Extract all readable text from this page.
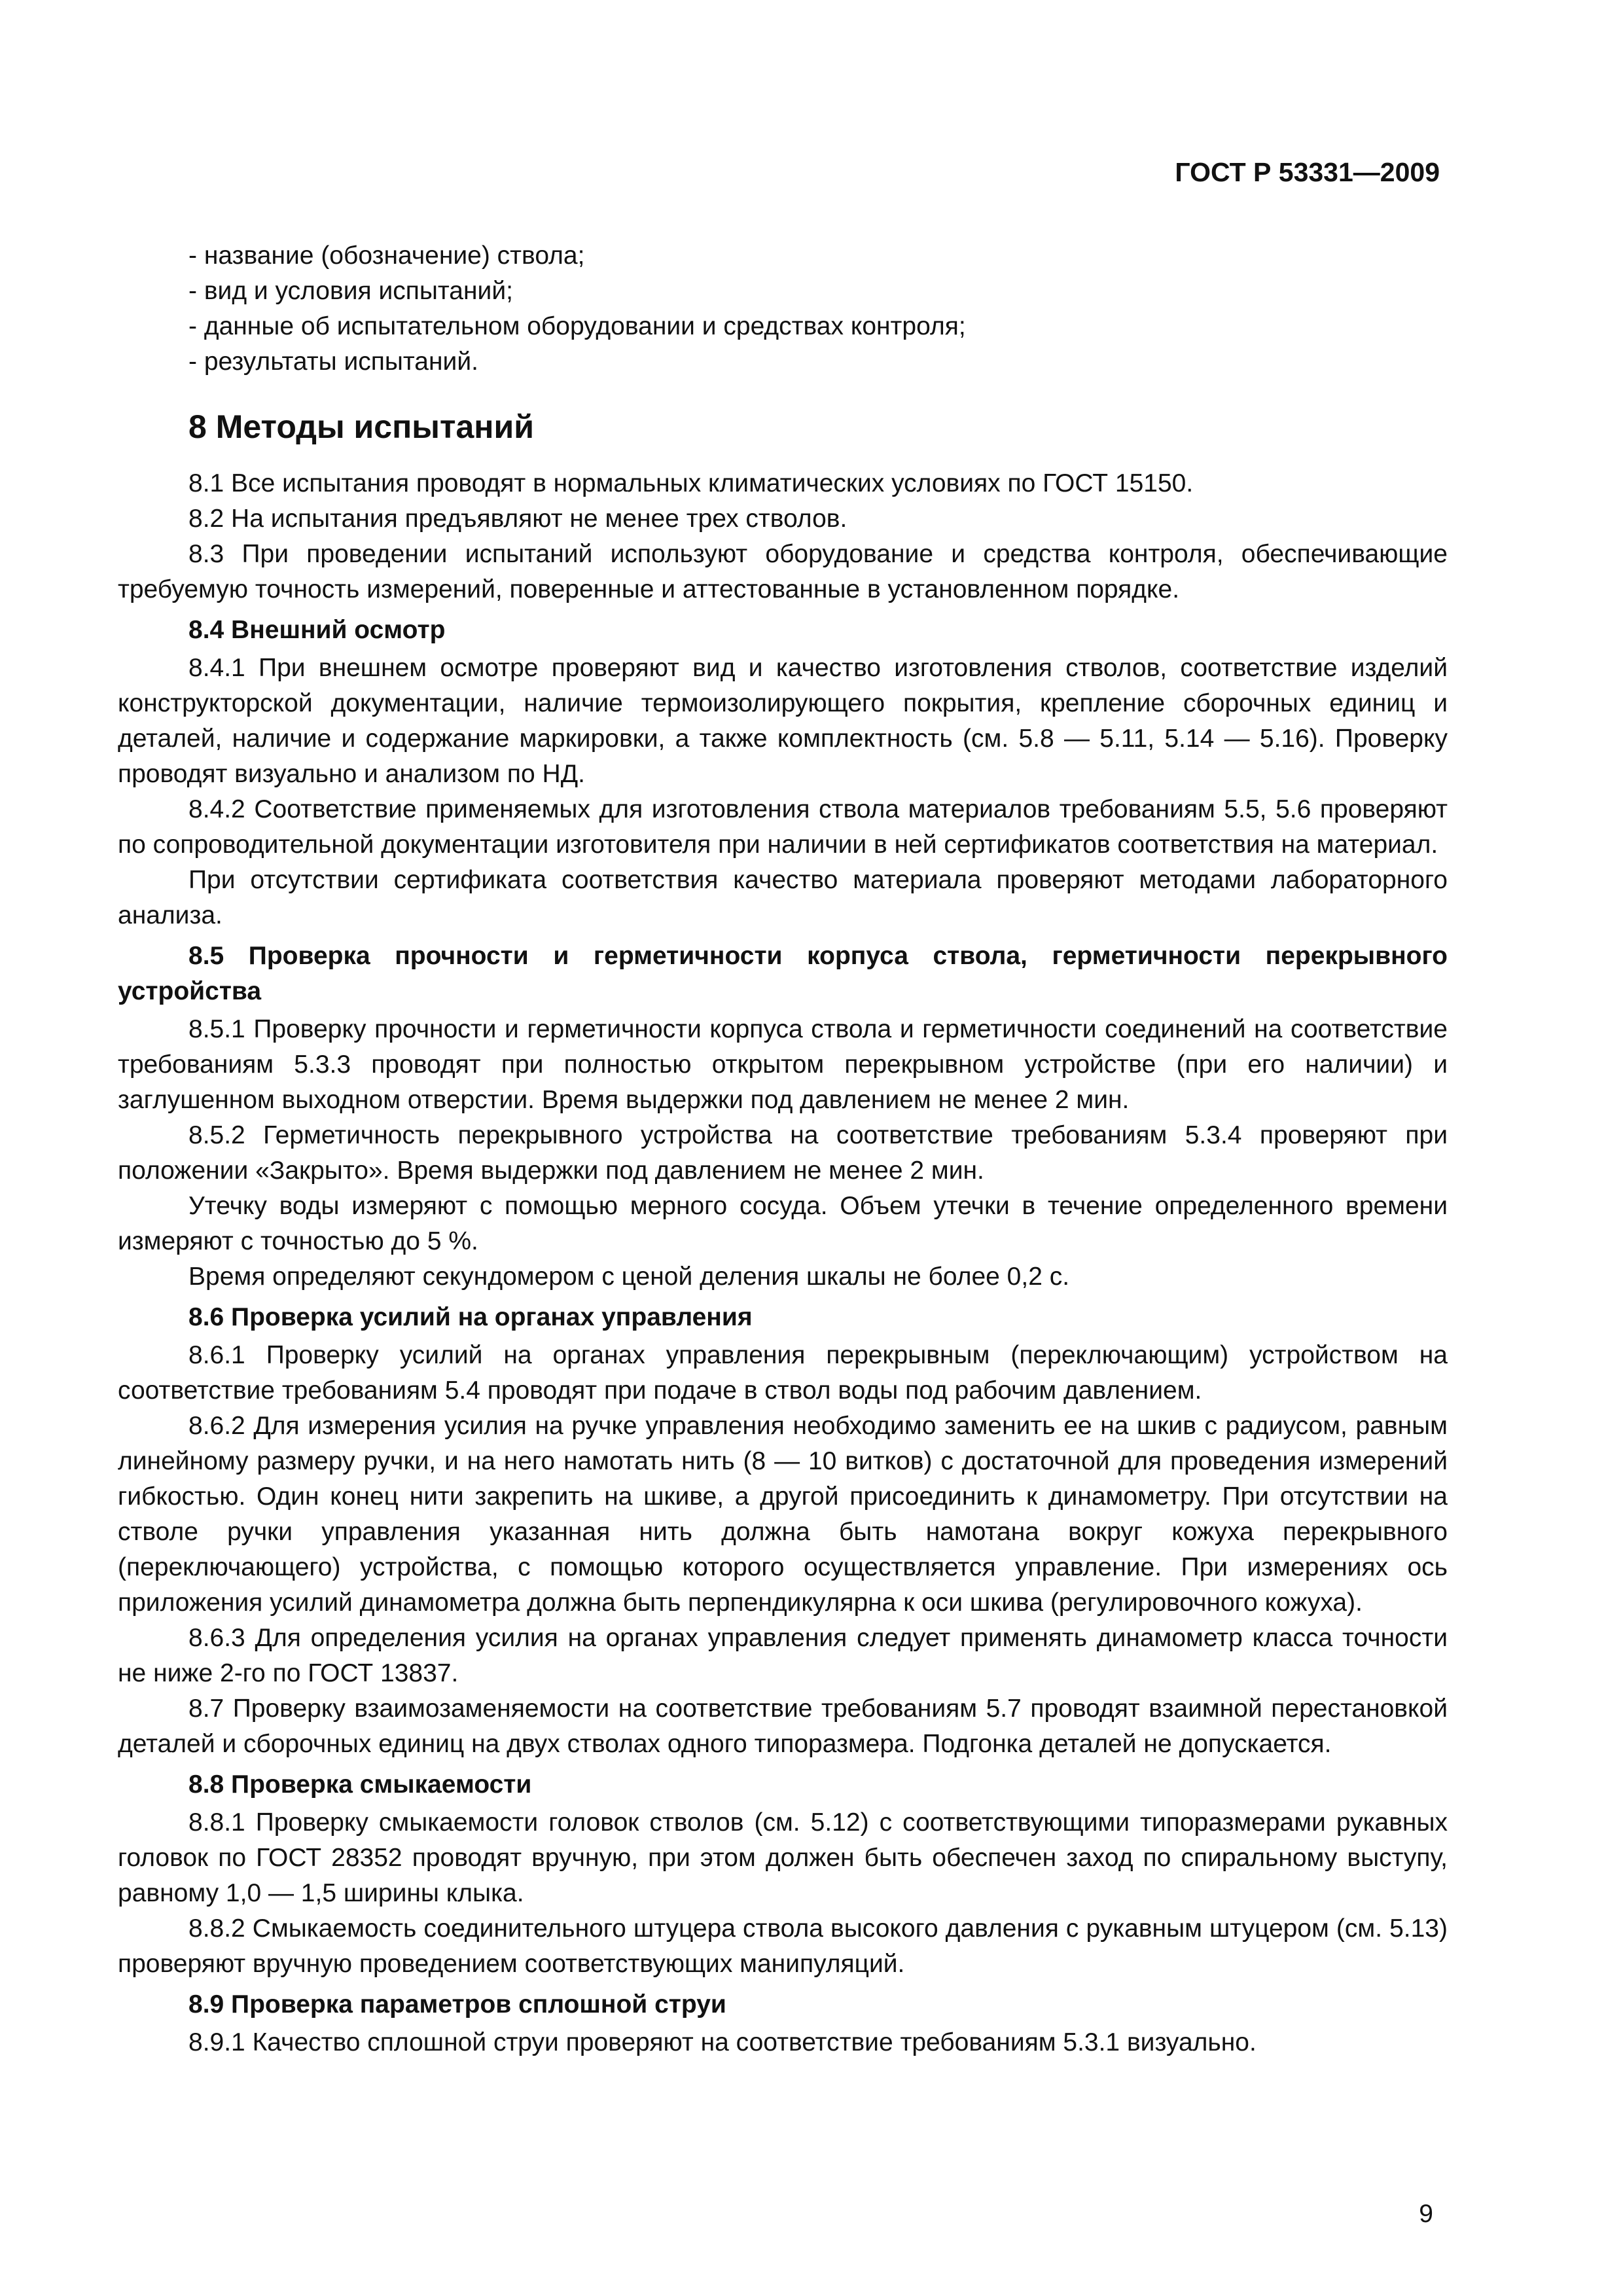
ГОСТ Р 53331—2009
- название (обозначение) ствола;
- вид и условия испытаний;
- данные об испытательном оборудовании и средствах контроля;
- результаты испытаний.
8 Методы испытаний

8.1 Все испытания проводят в нормальных климатических условиях по ГОСТ 15150.

8.2 На испытания предъявляют не менее трех стволов.

8.3 При проведении испытаний используют оборудование и средства контроля, обеспечивающие требуемую точность измерений, поверенные и аттестованные в установленном порядке.

8.4 Внешний осмотр

8.4.1 При внешнем осмотре проверяют вид и качество изготовления стволов, соответствие изделий конструкторской документации, наличие термоизолирующего покрытия, крепление сборочных единиц и деталей, наличие и содержание маркировки, а также комплектность (см. 5.8 — 5.11, 5.14 — 5.16). Проверку проводят визуально и анализом по НД.

8.4.2 Соответствие применяемых для изготовления ствола материалов требованиям 5.5, 5.6 проверяют по сопроводительной документации изготовителя при наличии в ней сертификатов соответствия на материал.

При отсутствии сертификата соответствия качество материала проверяют методами лабораторного анализа.

8.5 Проверка прочности и герметичности корпуса ствола, герметичности перекрывного устройства

8.5.1 Проверку прочности и герметичности корпуса ствола и герметичности соединений на соответствие требованиям 5.3.3 проводят при полностью открытом перекрывном устройстве (при его наличии) и заглушенном выходном отверстии. Время выдержки под давлением не менее 2 мин.

8.5.2 Герметичность перекрывного устройства на соответствие требованиям 5.3.4 проверяют при положении «Закрыто». Время выдержки под давлением не менее 2 мин.

Утечку воды измеряют с помощью мерного сосуда. Объем утечки в течение определенного времени измеряют с точностью до 5 %.

Время определяют секундомером с ценой деления шкалы не более 0,2 с.

8.6 Проверка усилий на органах управления

8.6.1 Проверку усилий на органах управления перекрывным (переключающим) устройством на соответствие требованиям 5.4 проводят при подаче в ствол воды под рабочим давлением.

8.6.2 Для измерения усилия на ручке управления необходимо заменить ее на шкив с радиусом, равным линейному размеру ручки, и на него намотать нить (8 — 10 витков) с достаточной для проведения измерений гибкостью. Один конец нити закрепить на шкиве, а другой присоединить к динамометру. При отсутствии на стволе ручки управления указанная нить должна быть намотана вокруг кожуха перекрывного (переключающего) устройства, с помощью которого осуществляется управление. При измерениях ось приложения усилий динамометра должна быть перпендикулярна к оси шкива (регулировочного кожуха).

8.6.3 Для определения усилия на органах управления следует применять динамометр класса точности не ниже 2-го по ГОСТ 13837.

8.7 Проверку взаимозаменяемости на соответствие требованиям 5.7 проводят взаимной перестановкой деталей и сборочных единиц на двух стволах одного типоразмера. Подгонка деталей не допускается.

8.8 Проверка смыкаемости

8.8.1 Проверку смыкаемости головок стволов (см. 5.12) с соответствующими типоразмерами рукавных головок по ГОСТ 28352 проводят вручную, при этом должен быть обеспечен заход по спиральному выступу, равному 1,0 — 1,5 ширины клыка.

8.8.2 Смыкаемость соединительного штуцера ствола высокого давления с рукавным штуцером (см. 5.13) проверяют вручную проведением соответствующих манипуляций.

8.9 Проверка параметров сплошной струи

8.9.1 Качество сплошной струи проверяют на соответствие требованиям 5.3.1 визуально.

9
